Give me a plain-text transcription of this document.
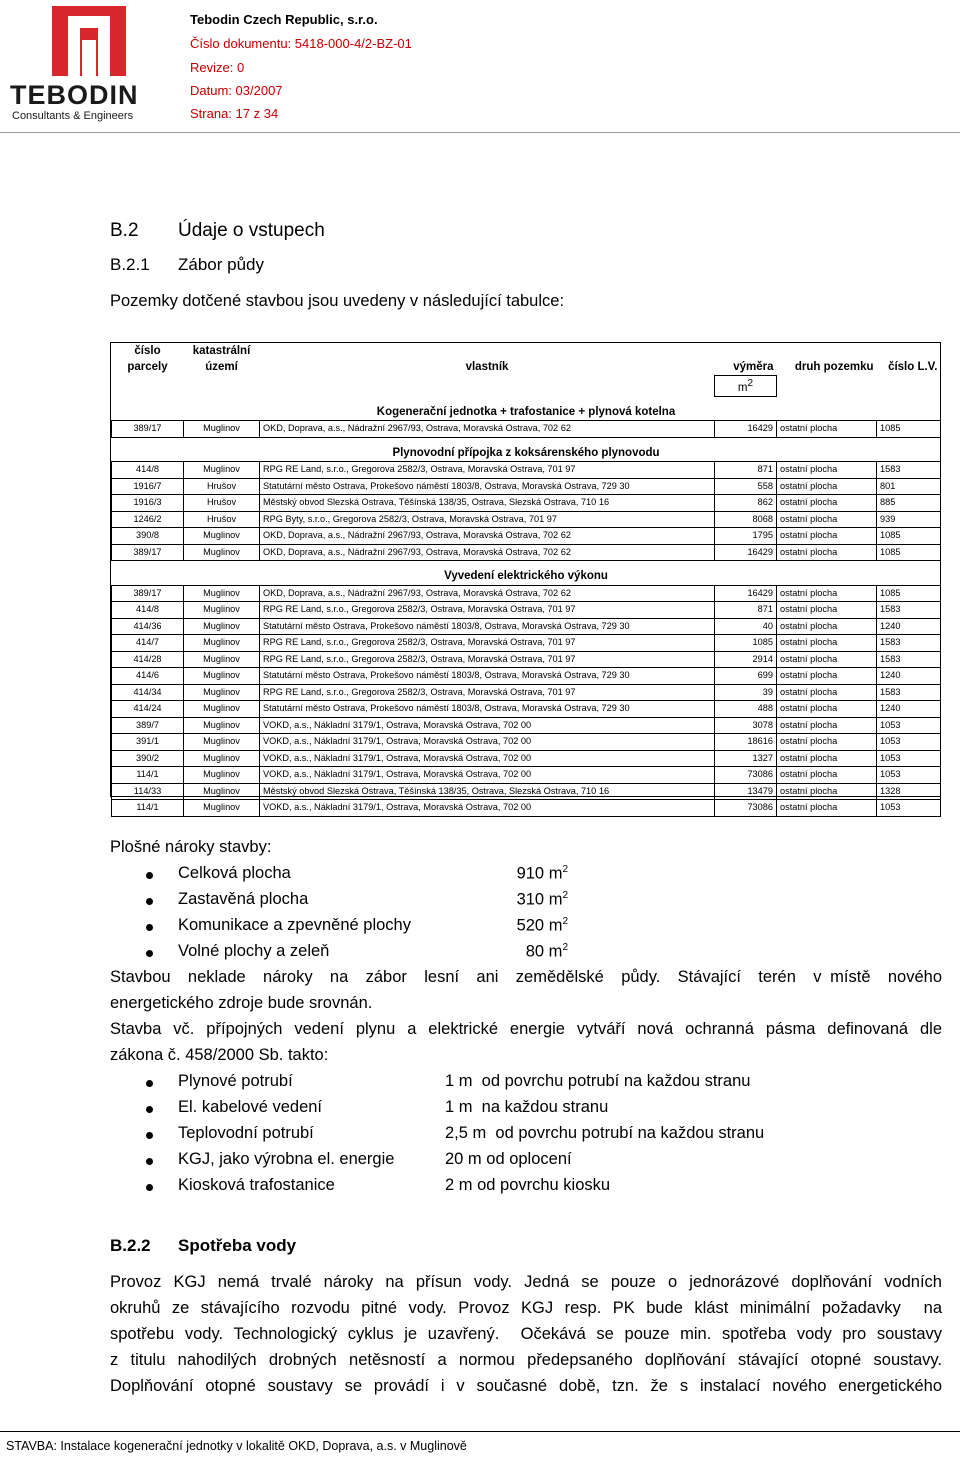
TEBODIN
Consultants & Engineers
Tebodin Czech Republic, s.r.o.
Číslo dokumentu: 5418-000-4/2-BZ-01
Revize: 0
Datum: 03/2007
Strana: 17 z 34
B.2 Údaje o vstupech
B.2.1 Zábor půdy
Pozemky dotčené stavbou jsou uvedeny v následující tabulce:
číslo	katastrální				
parcely	území	vlastník	výměra	druh pozemku	číslo L.V.
			$m^2$		

Kogenerační jednotka + trafostanice + plynová kotelna					
389/17	Muglinov	OKD, Doprava, a.s., Nádražní 2967/93, Ostrava, Moravská Ostrava, 702 62	16429	ostatní plocha	1085

Plynovodní přípojka z koksárenského plynovodu					
414/8	Muglinov	RPG RE Land, s.r.o., Gregorova 2582/3, Ostrava, Moravská Ostrava, 701 97	871	ostatní plocha	1583
1916/7	Hrušov	Statutární město Ostrava, Prokešovo náměstí 1803/8, Ostrava, Moravská Ostrava, 729 30	558	ostatní plocha	801
1916/3	Hrušov	Městský obvod Slezská Ostrava, Těšínská 138/35, Ostrava, Slezská Ostrava, 710 16	862	ostatní plocha	885
1246/2	Hrušov	RPG Byty, s.r.o., Gregorova 2582/3, Ostrava, Moravská Ostrava, 701 97	8068	ostatní plocha	939
390/8	Muglinov	OKD, Doprava, a.s., Nádražní 2967/93, Ostrava, Moravská Ostrava, 702 62	1795	ostatní plocha	1085
389/17	Muglinov	OKD, Doprava, a.s., Nádražní 2967/93, Ostrava, Moravská Ostrava, 702 62	16429	ostatní plocha	1085

Vyvedení elektrického výkonu					
389/17	Muglinov	OKD, Doprava, a.s., Nádražní 2967/93, Ostrava, Moravská Ostrava, 702 62	16429	ostatní plocha	1085
414/8	Muglinov	RPG RE Land, s.r.o., Gregorova 2582/3, Ostrava, Moravská Ostrava, 701 97	871	ostatní plocha	1583
414/36	Muglinov	Statutární město Ostrava, Prokešovo náměstí 1803/8, Ostrava, Moravská Ostrava, 729 30	40	ostatní plocha	1240
414/7	Muglinov	RPG RE Land, s.r.o., Gregorova 2582/3, Ostrava, Moravská Ostrava, 701 97	1085	ostatní plocha	1583
414/28	Muglinov	RPG RE Land, s.r.o., Gregorova 2582/3, Ostrava, Moravská Ostrava, 701 97	2914	ostatní plocha	1583
414/6	Muglinov	Statutární město Ostrava, Prokešovo náměstí 1803/8, Ostrava, Moravská Ostrava, 729 30	699	ostatní plocha	1240
414/34	Muglinov	RPG RE Land, s.r.o., Gregorova 2582/3, Ostrava, Moravská Ostrava, 701 97	39	ostatní plocha	1583
414/24	Muglinov	Statutární město Ostrava, Prokešovo náměstí 1803/8, Ostrava, Moravská Ostrava, 729 30	488	ostatní plocha	1240
389/7	Muglinov	VOKD, a.s., Nákladní 3179/1, Ostrava, Moravská Ostrava, 702 00	3078	ostatní plocha	1053
391/1	Muglinov	VOKD, a.s., Nákladní 3179/1, Ostrava, Moravská Ostrava, 702 00	18616	ostatní plocha	1053
390/2	Muglinov	VOKD, a.s., Nákladní 3179/1, Ostrava, Moravská Ostrava, 702 00	1327	ostatní plocha	1053
114/1	Muglinov	VOKD, a.s., Nákladní 3179/1, Ostrava, Moravská Ostrava, 702 00	73086	ostatní plocha	1053
114/33	Muglinov	Městský obvod Slezská Ostrava, Těšínská 138/35, Ostrava, Slezská Ostrava, 710 16	13479	ostatní plocha	1328
114/1	Muglinov	VOKD, a.s., Nákladní 3179/1, Ostrava, Moravská Ostrava, 702 00	73086	ostatní plocha	1053
Plošné nároky stavby:
Celková plocha	910 $m^2$
Zastavěná plocha	310 $m^2$
Komunikace a zpevněné plochy	520 $m^2$
Volné plochy a zeleň	80 $m^2$
Stavbou  neklade  nároky  na  zábor  lesní  ani  zemědělské  půdy.  Stávající  terén  v místě  nového
energetického zdroje bude srovnán.
Stavba vč. přípojných vedení plynu a elektrické energie vytváří nová ochranná pásma definovaná dle
zákona č. 458/2000 Sb. takto:
Plynové potrubí	1 m  od povrchu potrubí na každou stranu
El. kabelové vedení	1 m  na každou stranu
Teplovodní potrubí	2,5 m  od povrchu potrubí na každou stranu
KGJ, jako výrobna el. energie	20 m od oplocení
Kiosková trafostanice	2 m od povrchu kiosku
B.2.2 Spotřeba vody
Provoz KGJ nemá trvalé nároky na přísun vody. Jedná se pouze o jednorázové doplňování vodních
okruhů ze stávajícího rozvodu pitné vody. Provoz KGJ resp. PK bude klást minimální požadavky  na
spotřebu vody. Technologický cyklus je uzavřený.  Očekává se pouze min. spotřeba vody pro soustavy
z titulu nahodilých drobných netěsností a normou předepsaného doplňování stávající otopné soustavy.
Doplňování otopné soustavy se provádí i v současné době, tzn. že s instalací nového energetického
STAVBA: Instalace kogenerační jednotky v lokalitě OKD, Doprava, a.s. v Muglinově
